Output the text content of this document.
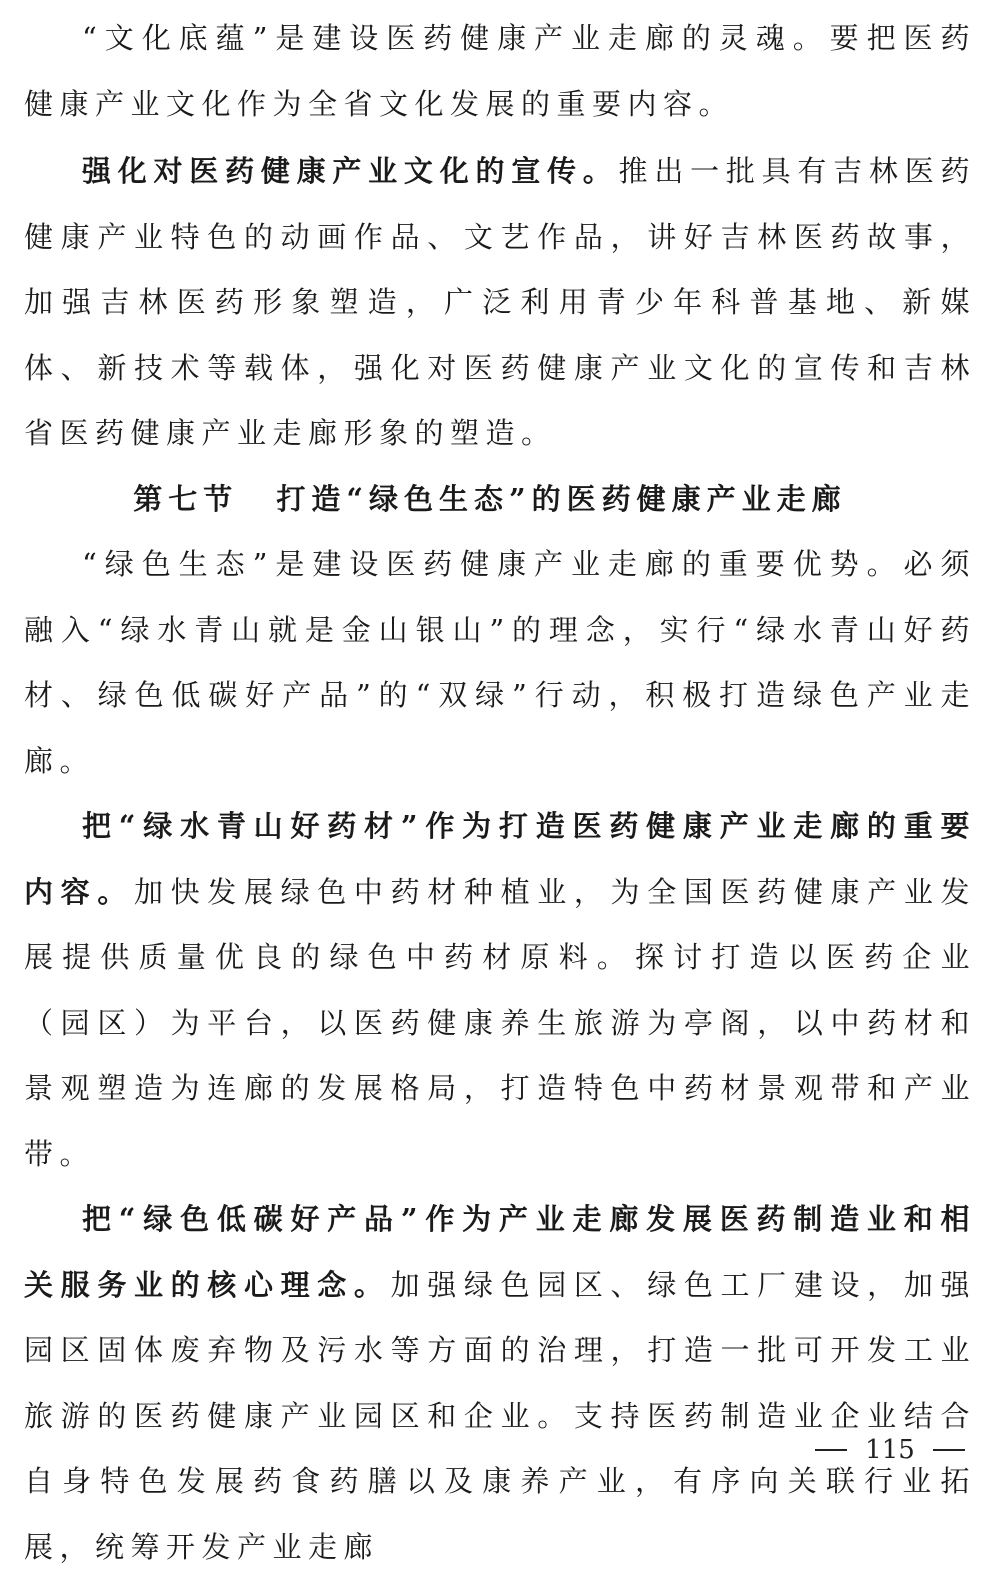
“文化底蕴”是建设医药健康产业走廊的灵魂。要把医药健康产业文化作为全省文化发展的重要内容。

强化对医药健康产业文化的宣传。推出一批具有吉林医药健康产业特色的动画作品、文艺作品，讲好吉林医药故事，加强吉林医药形象塑造，广泛利用青少年科普基地、新媒体、新技术等载体，强化对医药健康产业文化的宣传和吉林省医药健康产业走廊形象的塑造。

第七节 打造“绿色生态”的医药健康产业走廊

“绿色生态”是建设医药健康产业走廊的重要优势。必须融入“绿水青山就是金山银山”的理念，实行“绿水青山好药材、绿色低碳好产品”的“双绿”行动，积极打造绿色产业走廊。

把“绿水青山好药材”作为打造医药健康产业走廊的重要内容。加快发展绿色中药材种植业，为全国医药健康产业发展提供质量优良的绿色中药材原料。探讨打造以医药企业（园区）为平台，以医药健康养生旅游为亭阁，以中药材和景观塑造为连廊的发展格局，打造特色中药材景观带和产业带。

把“绿色低碳好产品”作为产业走廊发展医药制造业和相关服务业的核心理念。加强绿色园区、绿色工厂建设，加强园区固体废弃物及污水等方面的治理，打造一批可开发工业旅游的医药健康产业园区和企业。支持医药制造业企业结合自身特色发展药食药膳以及康养产业，有序向关联行业拓展，统筹开发产业走廊

115
